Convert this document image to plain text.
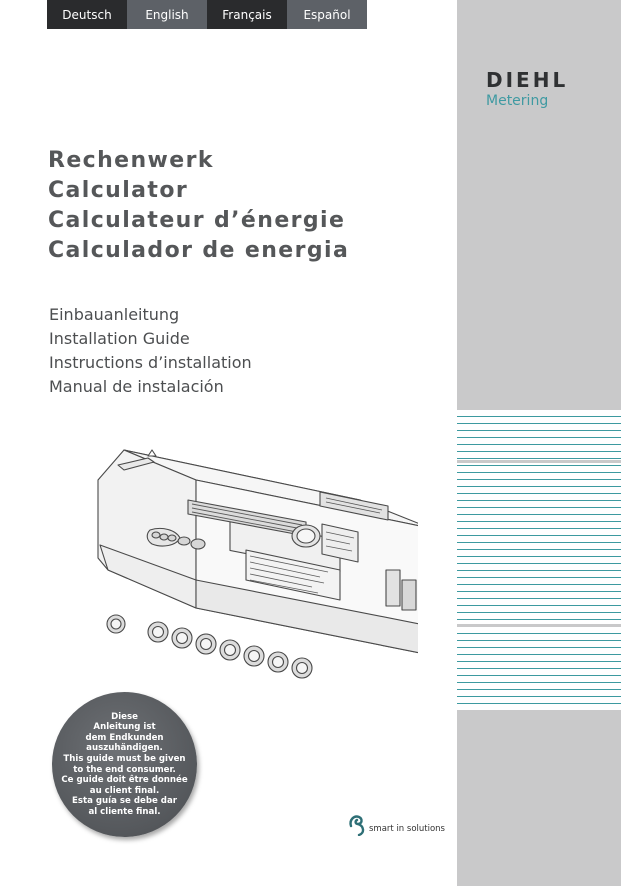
Deutsch	English	Français	Español
DIEHL
Metering
Rechenwerk
Calculator
Calculateur d’énergie
Calculador de energia
Einbauanleitung
Installation Guide
Instructions d’installation
Manual de instalación
Diese
Anleitung ist
dem Endkunden
auszuhändigen.
This guide must be given
to the end consumer.
Ce guide doit être donnée
au client final.
Esta guía se debe dar
al cliente final.
smart in solutions
